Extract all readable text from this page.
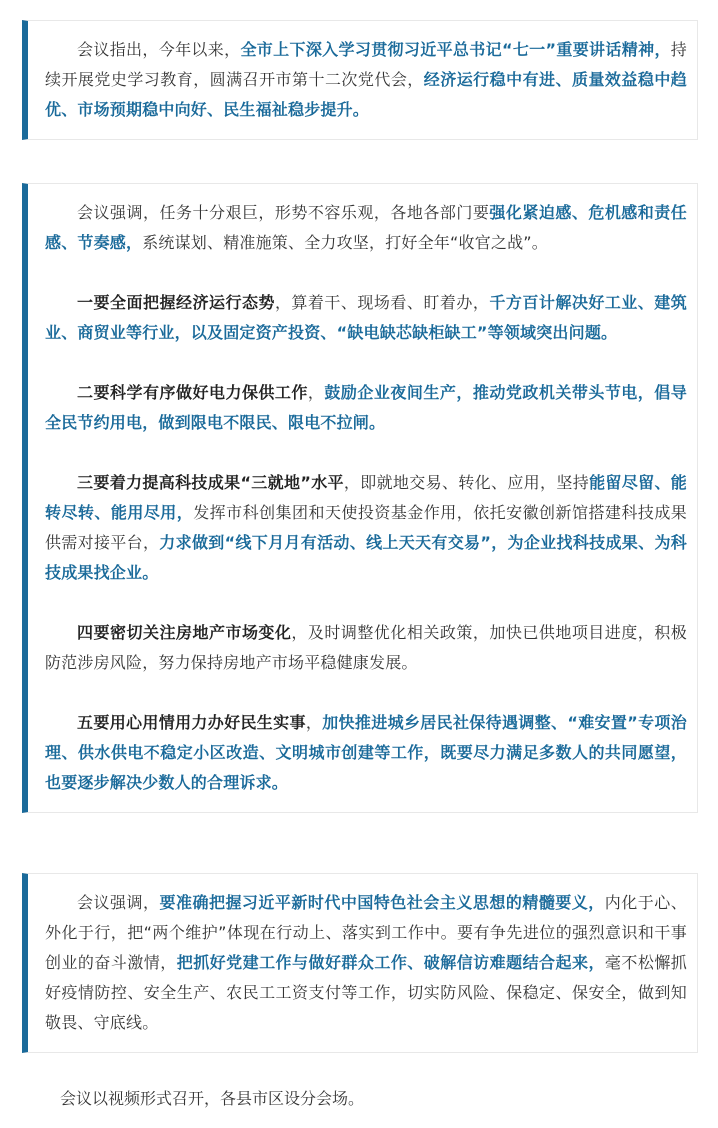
会议指出，今年以来，全市上下深入学习贯彻习近平总书记“七一”重要讲话精神，持续开展党史学习教育，圆满召开市第十二次党代会，经济运行稳中有进、质量效益稳中趋优、市场预期稳中向好、民生福祉稳步提升。

会议强调，任务十分艰巨，形势不容乐观，各地各部门要强化紧迫感、危机感和责任感、节奏感，系统谋划、精准施策、全力攻坚，打好全年“收官之战”。

一要全面把握经济运行态势，算着干、现场看、盯着办，千方百计解决好工业、建筑业、商贸业等行业，以及固定资产投资、“缺电缺芯缺柜缺工”等领域突出问题。

二要科学有序做好电力保供工作，鼓励企业夜间生产，推动党政机关带头节电，倡导全民节约用电，做到限电不限民、限电不拉闸。

三要着力提高科技成果“三就地”水平，即就地交易、转化、应用，坚持能留尽留、能转尽转、能用尽用，发挥市科创集团和天使投资基金作用，依托安徽创新馆搭建科技成果供需对接平台，力求做到“线下月月有活动、线上天天有交易”，为企业找科技成果、为科技成果找企业。

四要密切关注房地产市场变化，及时调整优化相关政策，加快已供地项目进度，积极防范涉房风险，努力保持房地产市场平稳健康发展。

五要用心用情用力办好民生实事，加快推进城乡居民社保待遇调整、“难安置”专项治理、供水供电不稳定小区改造、文明城市创建等工作，既要尽力满足多数人的共同愿望，也要逐步解决少数人的合理诉求。

会议强调，要准确把握习近平新时代中国特色社会主义思想的精髓要义，内化于心、外化于行，把“两个维护”体现在行动上、落实到工作中。要有争先进位的强烈意识和干事创业的奋斗激情，把抓好党建工作与做好群众工作、破解信访难题结合起来，毫不松懈抓好疫情防控、安全生产、农民工工资支付等工作，切实防风险、保稳定、保安全，做到知敬畏、守底线。

会议以视频形式召开，各县市区设分会场。
